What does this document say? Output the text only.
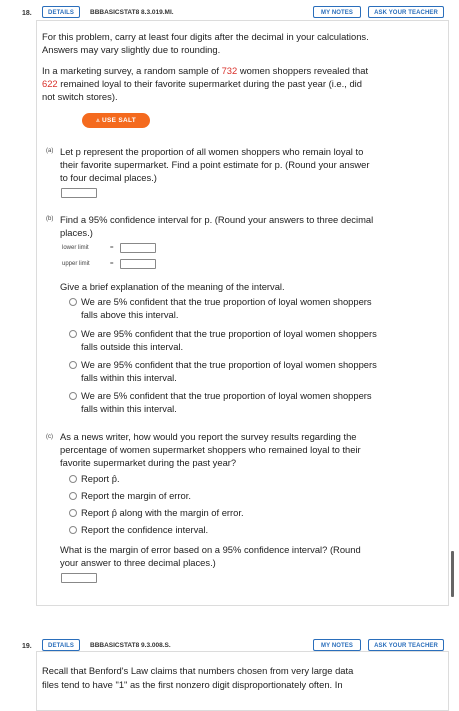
18.	DETAILS	BBBASICSTAT8 8.3.019.MI.	MY NOTES	ASK YOUR TEACHER
For this problem, carry at least four digits after the decimal in your calculations.
Answers may vary slightly due to rounding.
In a marketing survey, a random sample of 732 women shoppers revealed that
622 remained loyal to their favorite supermarket during the past year (i.e., did
not switch stores).
⩓ USE SALT
(a) Let p represent the proportion of all women shoppers who remain loyal to
their favorite supermarket. Find a point estimate for p. (Round your answer
to four decimal places.)
(b) Find a 95% confidence interval for p. (Round your answers to three decimal
places.)
lower limit	=
upper limit	=
Give a brief explanation of the meaning of the interval.
We are 5% confident that the true proportion of loyal women shoppers
falls above this interval.
We are 95% confident that the true proportion of loyal women shoppers
falls outside this interval.
We are 95% confident that the true proportion of loyal women shoppers
falls within this interval.
We are 5% confident that the true proportion of loyal women shoppers
falls within this interval.
(c) As a news writer, how would you report the survey results regarding the
percentage of women supermarket shoppers who remained loyal to their
favorite supermarket during the past year?
Report p̂.
Report the margin of error.
Report p̂ along with the margin of error.
Report the confidence interval.
What is the margin of error based on a 95% confidence interval? (Round
your answer to three decimal places.)
19.	DETAILS	BBBASICSTAT8 9.3.008.S.	MY NOTES	ASK YOUR TEACHER
Recall that Benford's Law claims that numbers chosen from very large data
files tend to have "1" as the first nonzero digit disproportionately often. In
